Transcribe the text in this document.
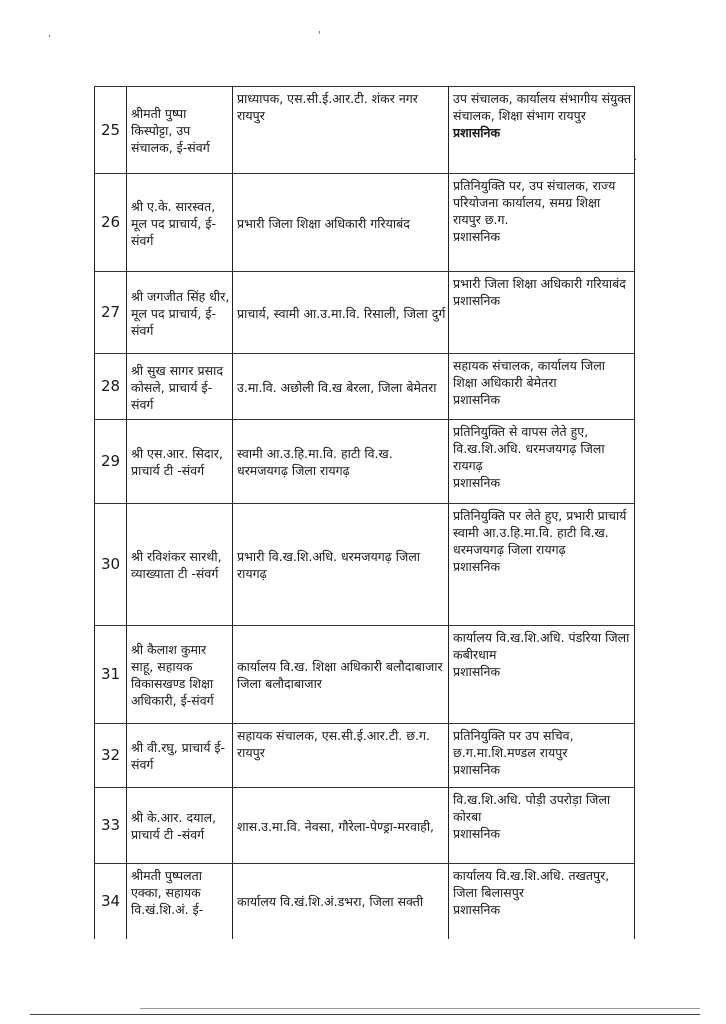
,	'
.
25	श्रीमती पुष्पा किस्पोट्टा, उप संचालक, ई-संवर्ग	प्राध्यापक, एस.सी.ई.आर.टी. शंकर नगर रायपुर	उप संचालक, कार्यालय संभागीय संयुक्त संचालक, शिक्षा संभाग रायपुर
प्रशासनिक

26	श्री ए.के. सारस्वत, मूल पद प्राचार्य, ई-संवर्ग	प्रभारी जिला शिक्षा अधिकारी गरियाबंद	प्रतिनियुक्ति पर, उप संचालक, राज्य परियोजना कार्यालय, समग्र शिक्षा रायपुर छ.ग.
प्रशासनिक

27	श्री जगजीत सिंह धीर, मूल पद प्राचार्य, ई- संवर्ग	प्राचार्य, स्वामी आ.उ.मा.वि. रिसाली, जिला दुर्ग	प्रभारी जिला शिक्षा अधिकारी गरियाबंद
प्रशासनिक

28	श्री सुख सागर प्रसाद कोसले, प्राचार्य ई-संवर्ग	उ.मा.वि. अछोली वि.ख बेरला, जिला बेमेतरा	सहायक संचालक, कार्यालय जिला शिक्षा अधिकारी बेमेतरा
प्रशासनिक

29	श्री एस.आर. सिदार, प्राचार्य टी -संवर्ग	स्वामी आ.उ.हि.मा.वि. हाटी वि.ख. धरमजयगढ़ जिला रायगढ़	प्रतिनियुक्ति से वापस लेते हुए, वि.ख.शि.अधि. धरमजयगढ़ जिला रायगढ़
प्रशासनिक

30	श्री रविशंकर सारथी, व्याख्याता टी -संवर्ग	प्रभारी वि.ख.शि.अधि. धरमजयगढ़ जिला रायगढ़	प्रतिनियुक्ति पर लेते हुए, प्रभारी प्राचार्य स्वामी आ.उ.हि.मा.वि. हाटी वि.ख. धरमजयगढ़ जिला रायगढ़
प्रशासनिक

31	श्री कैलाश कुमार साहू, सहायक विकासखण्ड शिक्षा अधिकारी, ई-संवर्ग	कार्यालय वि.ख. शिक्षा अधिकारी बलौदाबाजार जिला बलौदाबाजार	कार्यालय वि.ख.शि.अधि. पंडरिया जिला कबीरधाम
प्रशासनिक

32	श्री वी.रघु, प्राचार्य ई-संवर्ग	सहायक संचालक, एस.सी.ई.आर.टी. छ.ग. रायपुर	प्रतिनियुक्ति पर उप सचिव, छ.ग.मा.शि.मण्डल रायपुर
प्रशासनिक

33	श्री के.आर. दयाल, प्राचार्य टी -संवर्ग	शास.उ.मा.वि. नेवसा, गौरेला-पेण्ड्रा-मरवाही,	वि.ख.शि.अधि. पोड़ी उपरोड़ा जिला कोरबा
प्रशासनिक

34	श्रीमती पुष्पलता एक्का, सहायक वि.खं.शि.अं. ई-	कार्यालय वि.खं.शि.अं.डभरा, जिला सक्ती	कार्यालय वि.ख.शि.अधि. तखतपुर, जिला बिलासपुर
प्रशासनिक
